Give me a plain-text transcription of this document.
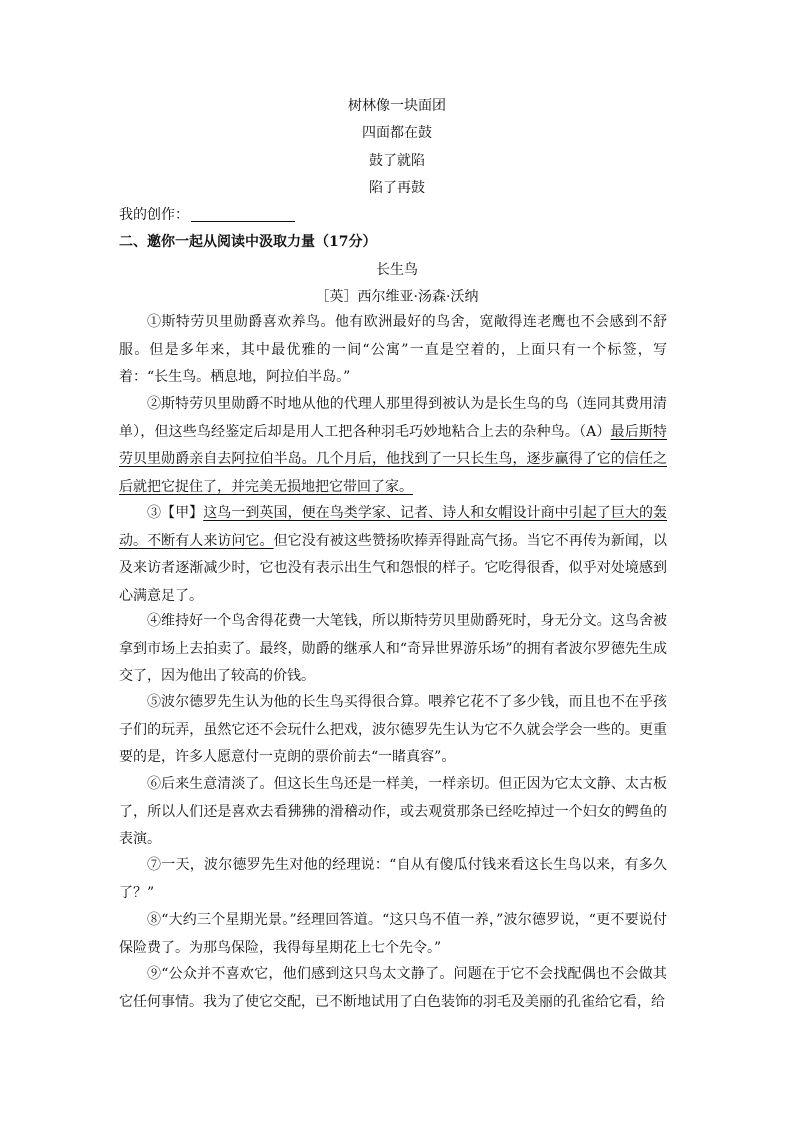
树林像一块面团
四面都在鼓
鼓了就陷
陷了再鼓
我的创作：
二、邀你一起从阅读中汲取力量（17分）
长生鸟
［英］西尔维亚·汤森·沃纳

①斯特劳贝里勋爵喜欢养鸟。他有欧洲最好的鸟舍，宽敞得连老鹰也不会感到不舒服。但是多年来，其中最优雅的一间“公寓”一直是空着的，上面只有一个标签，写着：“长生鸟。栖息地，阿拉伯半岛。”

②斯特劳贝里勋爵不时地从他的代理人那里得到被认为是长生鸟的鸟（连同其费用清单），但这些鸟经鉴定后却是用人工把各种羽毛巧妙地粘合上去的杂种鸟。（A）最后斯特劳贝里勋爵亲自去阿拉伯半岛。几个月后，他找到了一只长生鸟，逐步赢得了它的信任之后就把它捉住了，并完美无损地把它带回了家。

③【甲】这鸟一到英国，便在鸟类学家、记者、诗人和女帽设计商中引起了巨大的轰动。不断有人来访问它。但它没有被这些赞扬吹捧弄得趾高气扬。当它不再传为新闻，以及来访者逐渐减少时，它也没有表示出生气和怨恨的样子。它吃得很香，似乎对处境感到心满意足了。

④维持好一个鸟舍得花费一大笔钱，所以斯特劳贝里勋爵死时，身无分文。这鸟舍被拿到市场上去拍卖了。最终，勋爵的继承人和“奇异世界游乐场”的拥有者波尔罗德先生成交了，因为他出了较高的价钱。

⑤波尔德罗先生认为他的长生鸟买得很合算。喂养它花不了多少钱，而且也不在乎孩子们的玩弄，虽然它还不会玩什么把戏，波尔德罗先生认为它不久就会学会一些的。更重要的是，许多人愿意付一克朗的票价前去“一睹真容”。

⑥后来生意清淡了。但这长生鸟还是一样美，一样亲切。但正因为它太文静、太古板了，所以人们还是喜欢去看狒狒的滑稽动作，或去观赏那条已经吃掉过一个妇女的鳄鱼的表演。

⑦一天，波尔德罗先生对他的经理说：“自从有傻瓜付钱来看这长生鸟以来，有多久了？”

⑧“大约三个星期光景。”经理回答道。“这只鸟不值一养，”波尔德罗说，“更不要说付保险费了。为那鸟保险，我得每星期花上七个先令。”

⑨“公众并不喜欢它，他们感到这只鸟太文静了。问题在于它不会找配偶也不会做其它任何事情。我为了使它交配，已不断地试用了白色装饰的羽毛及美丽的孔雀给它看，给
